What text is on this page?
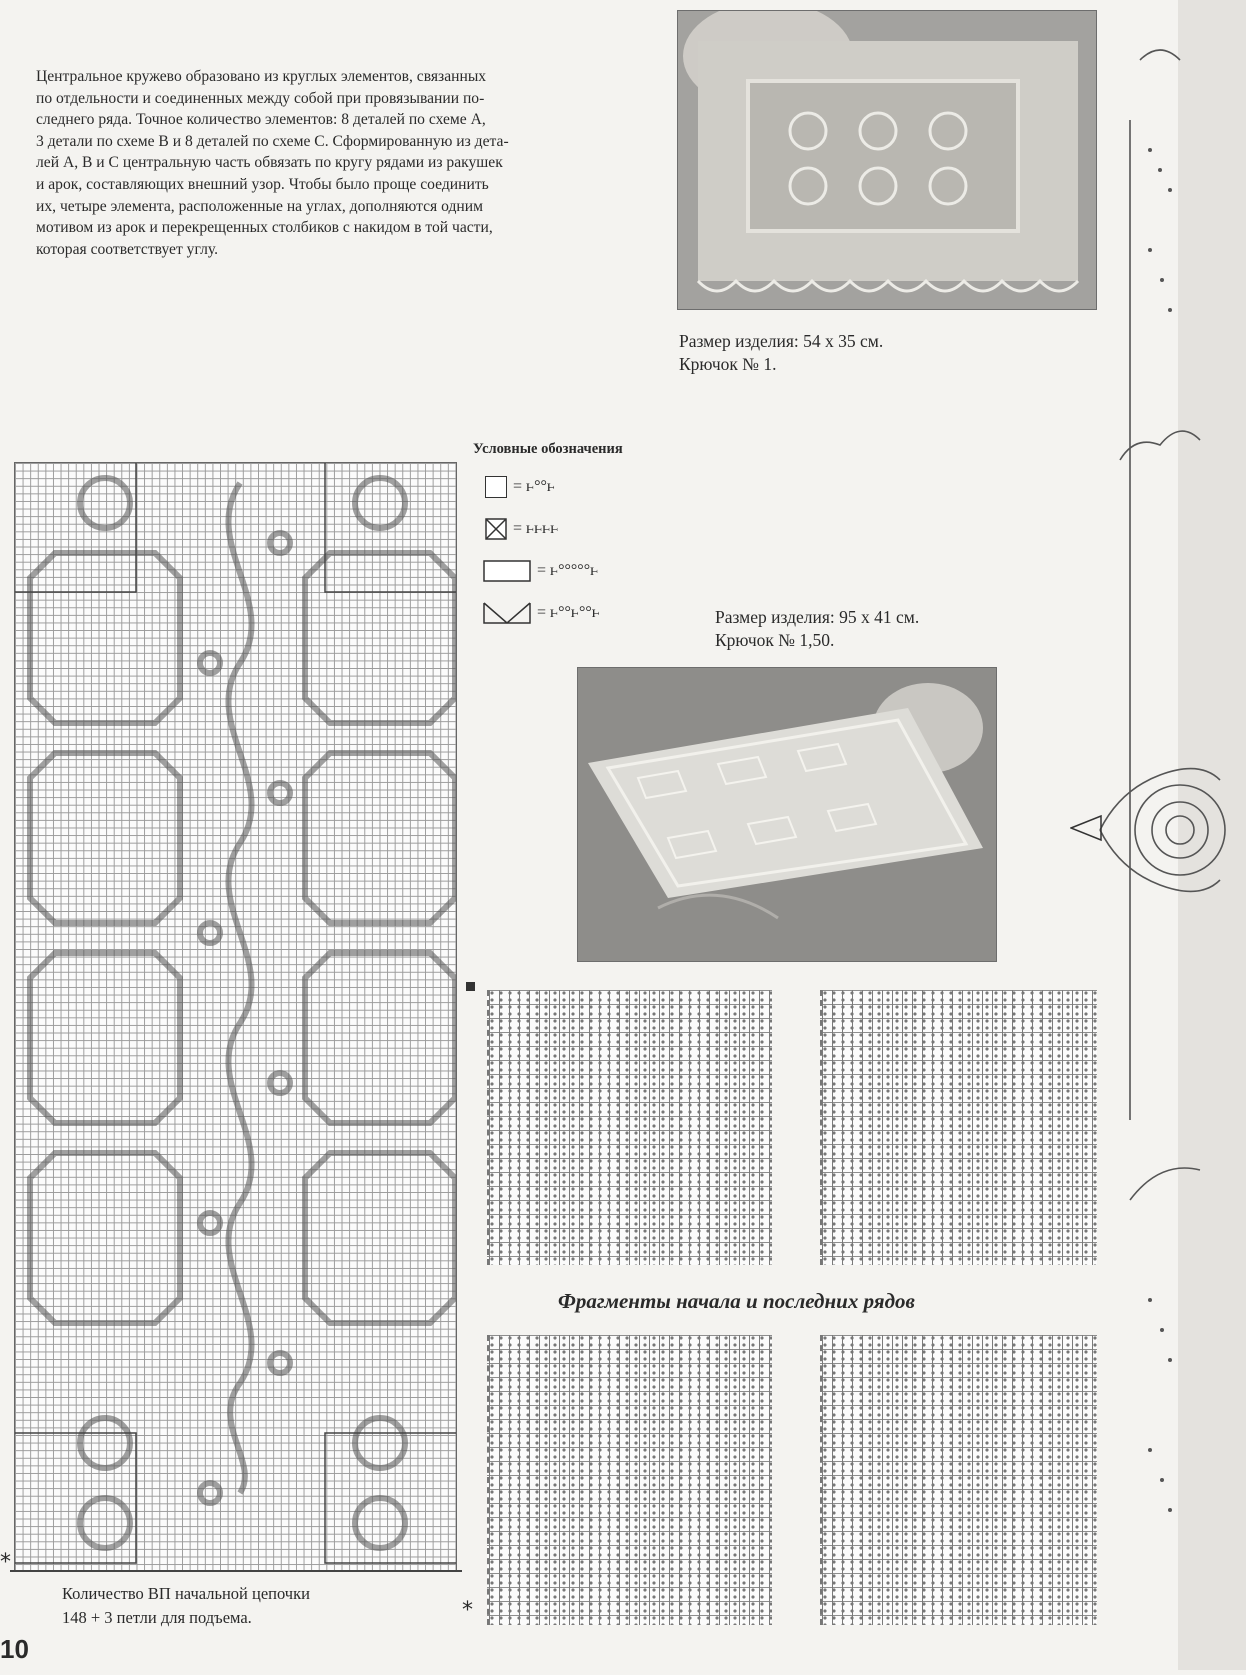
Центральное кружево образовано из круглых элементов, связанных

по отдельности и соединенных между собой при провязывании по-

следнего ряда. Точное количество элементов: 8 деталей по схеме А,

3 детали по схеме В и 8 деталей по схеме С. Сформированную из дета-

лей А, В и С центральную часть обвязать по кругу рядами из ракушек

и арок, составляющих внешний узор. Чтобы было проще соединить

их, четыре элемента, расположенные на углах, дополняются одним

мотивом из арок и перекрещенных столбиков с накидом в той части,

которая соответствует углу.

Размер изделия: 54 х 35 см.
Крючок № 1.
Условные обозначения
=
ⱶ°°ⱶ
=
ⱶⱶⱶⱶ
=
ⱶ°°°°°ⱶ
=
ⱶ°°ⱶ°°ⱶ	Размер изделия: 95 х 41 см.
Крючок № 1,50.
*
Фрагменты начала и последних рядов
*
Количество ВП начальной цепочки
148 + 3 петли для подъема.
10
